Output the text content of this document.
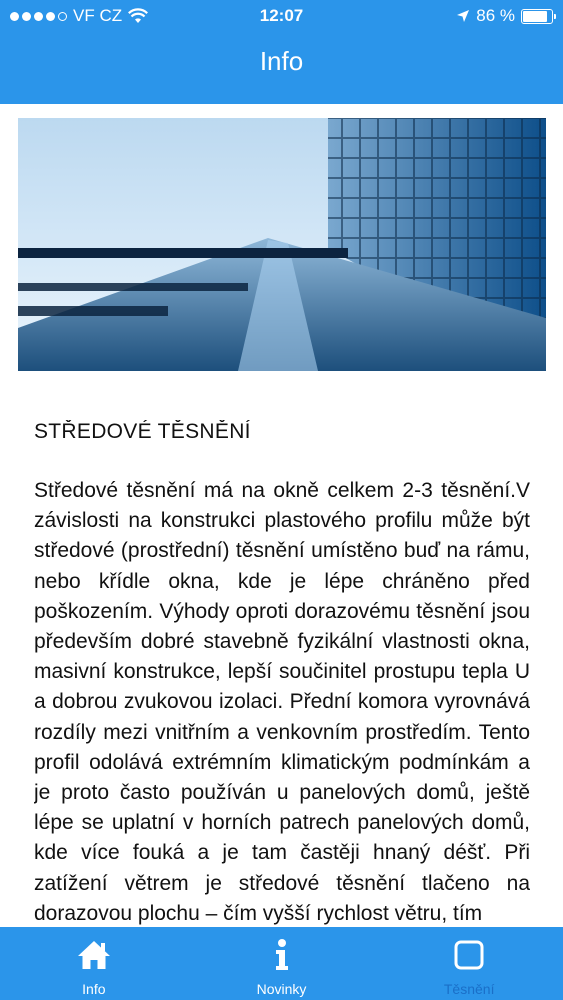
VF CZ	12:07	86 %
Info
STŘEDOVÉ TĚSNĚNÍ

Středové těsnění má na okně celkem 2-3 těsnění.V závislosti na konstrukci plastového profilu může být středové (prostřední) těsnění umístěno buď na rámu, nebo křídle okna, kde je lépe chráněno před poškozením. Výhody oproti dorazovému těsnění jsou především dobré stavebně fyzikální vlastnosti okna, masivní konstrukce, lepší součinitel prostupu tepla U a dobrou zvukovou izolaci. Přední komora vyrovnává rozdíly mezi vnitřním a venkovním prostředím. Tento profil odolává extrémním klimatickým podmínkám a je proto často používán u panelových domů, ještě lépe se uplatní v horních patrech panelových domů, kde více fouká a je tam častěji hnaný déšť. Při zatížení větrem je středové těsnění tlačeno na dorazovou plochu – čím vyšší rychlost větru, tím

Info	Novinky	Těsnění
